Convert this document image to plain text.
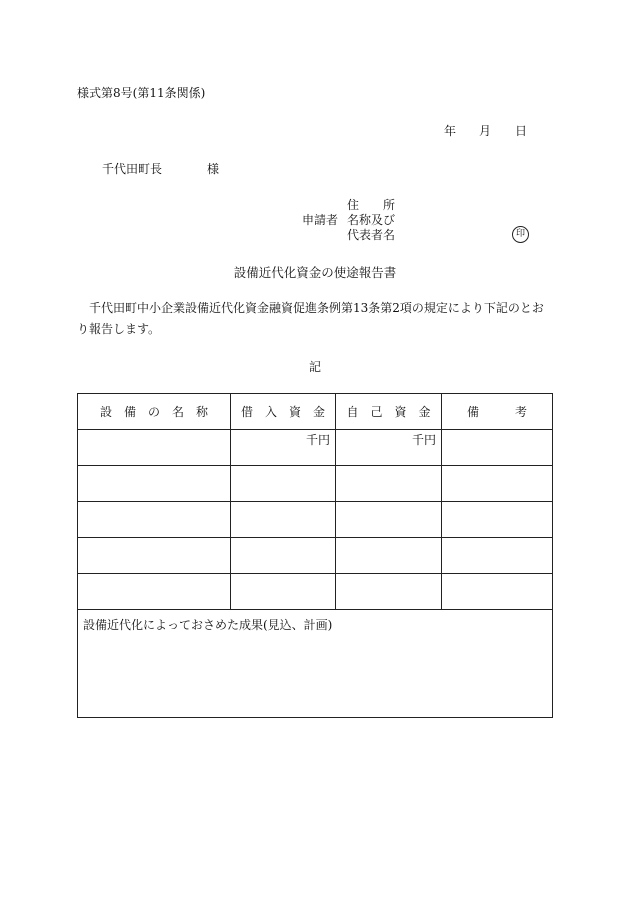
様式第8号(第11条関係)
年 月 日
千代田町長	様
申請者
住　　所
名称及び
代表者名	印
設備近代化資金の使途報告書
千代田町中小企業設備近代化資金融資促進条例第13条第2項の規定により下記のとおり報告します。
記
設　備　の　名　称	借　入　資　金	自　己　資　金	備　　　考

	千円	千円	

設備近代化によっておさめた成果(見込、計画)			
